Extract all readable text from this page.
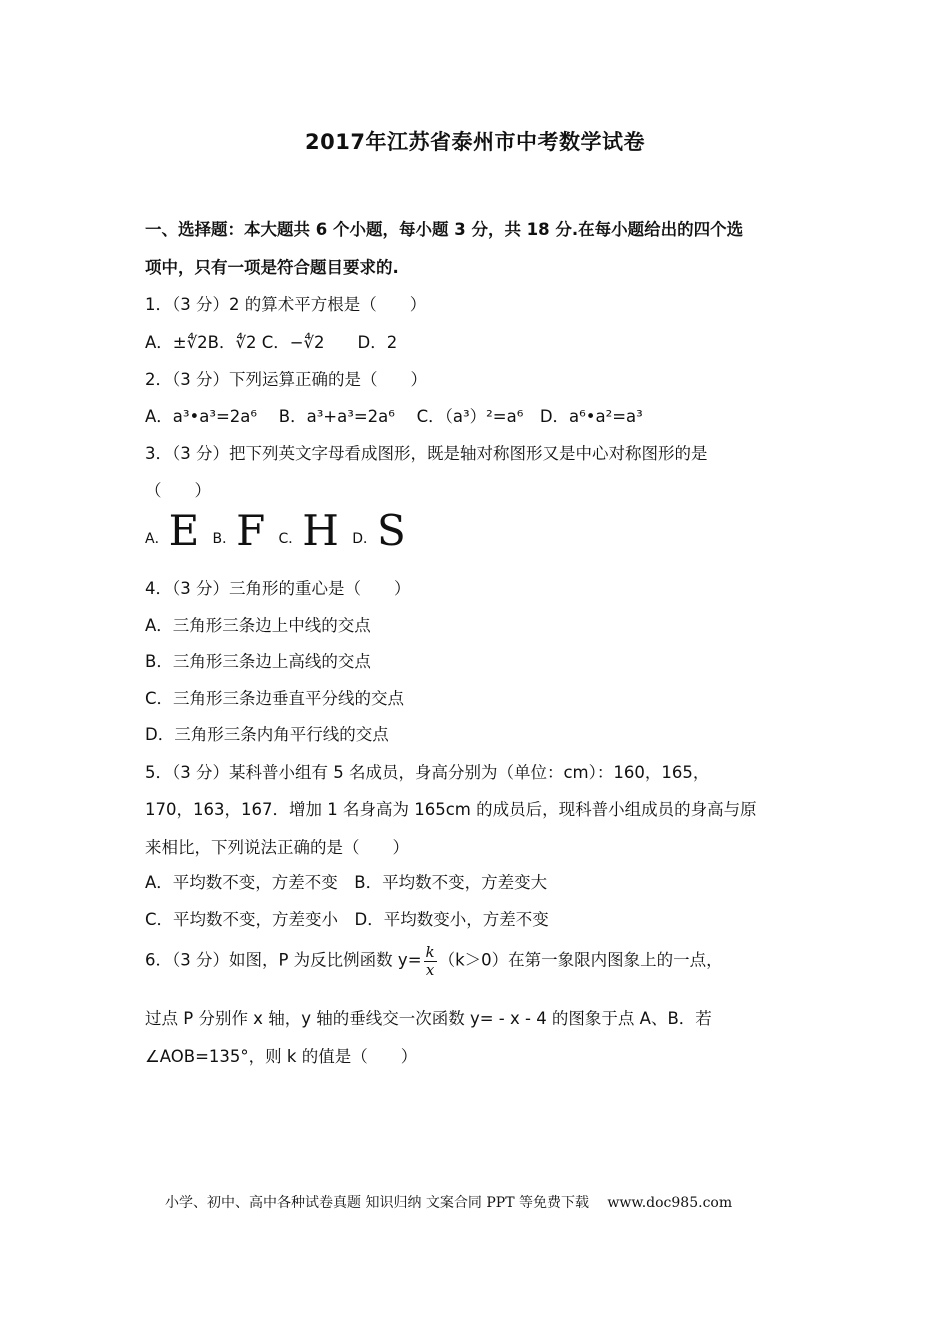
2017年江苏省泰州市中考数学试卷
一、选择题：本大题共 6 个小题，每小题 3 分，共 18 分.在每小题给出的四个选
项中，只有一项是符合题目要求的.
1．（3 分）2 的算术平方根是（　　）
A．±∜2B．∜2 C．−∜2　　D．2
2．（3 分）下列运算正确的是（　　）
A．a³•a³=2a⁶　 B．a³+a³=2a⁶　 C．（a³）²=a⁶　D．a⁶•a²=a³
3．（3 分）把下列英文字母看成图形，既是轴对称图形又是中心对称图形的是
（　　）
A．E B．F C．H D．S
4．（3 分）三角形的重心是（　　）
A．三角形三条边上中线的交点
B．三角形三条边上高线的交点
C．三角形三条边垂直平分线的交点
D．三角形三条内角平行线的交点
5．（3 分）某科普小组有 5 名成员，身高分别为（单位：cm）：160，165，
170，163，167．增加 1 名身高为 165cm 的成员后，现科普小组成员的身高与原
来相比，下列说法正确的是（　　）
A．平均数不变，方差不变　B．平均数不变，方差变大
C．平均数不变，方差变小　D．平均数变小，方差不变
6．（3 分）如图，P 为反比例函数 $y= \frac{k}{x} (k>0)$在第一象限内图象上的一点，
过点 P 分别作 x 轴，y 轴的垂线交一次函数 y= - x - 4 的图象于点 A、B．若
∠AOB=135°，则 k 的值是（　　）
小学、初中、高中各种试卷真题 知识归纳 文案合同 PPT 等免费下载　 www.doc985.com
